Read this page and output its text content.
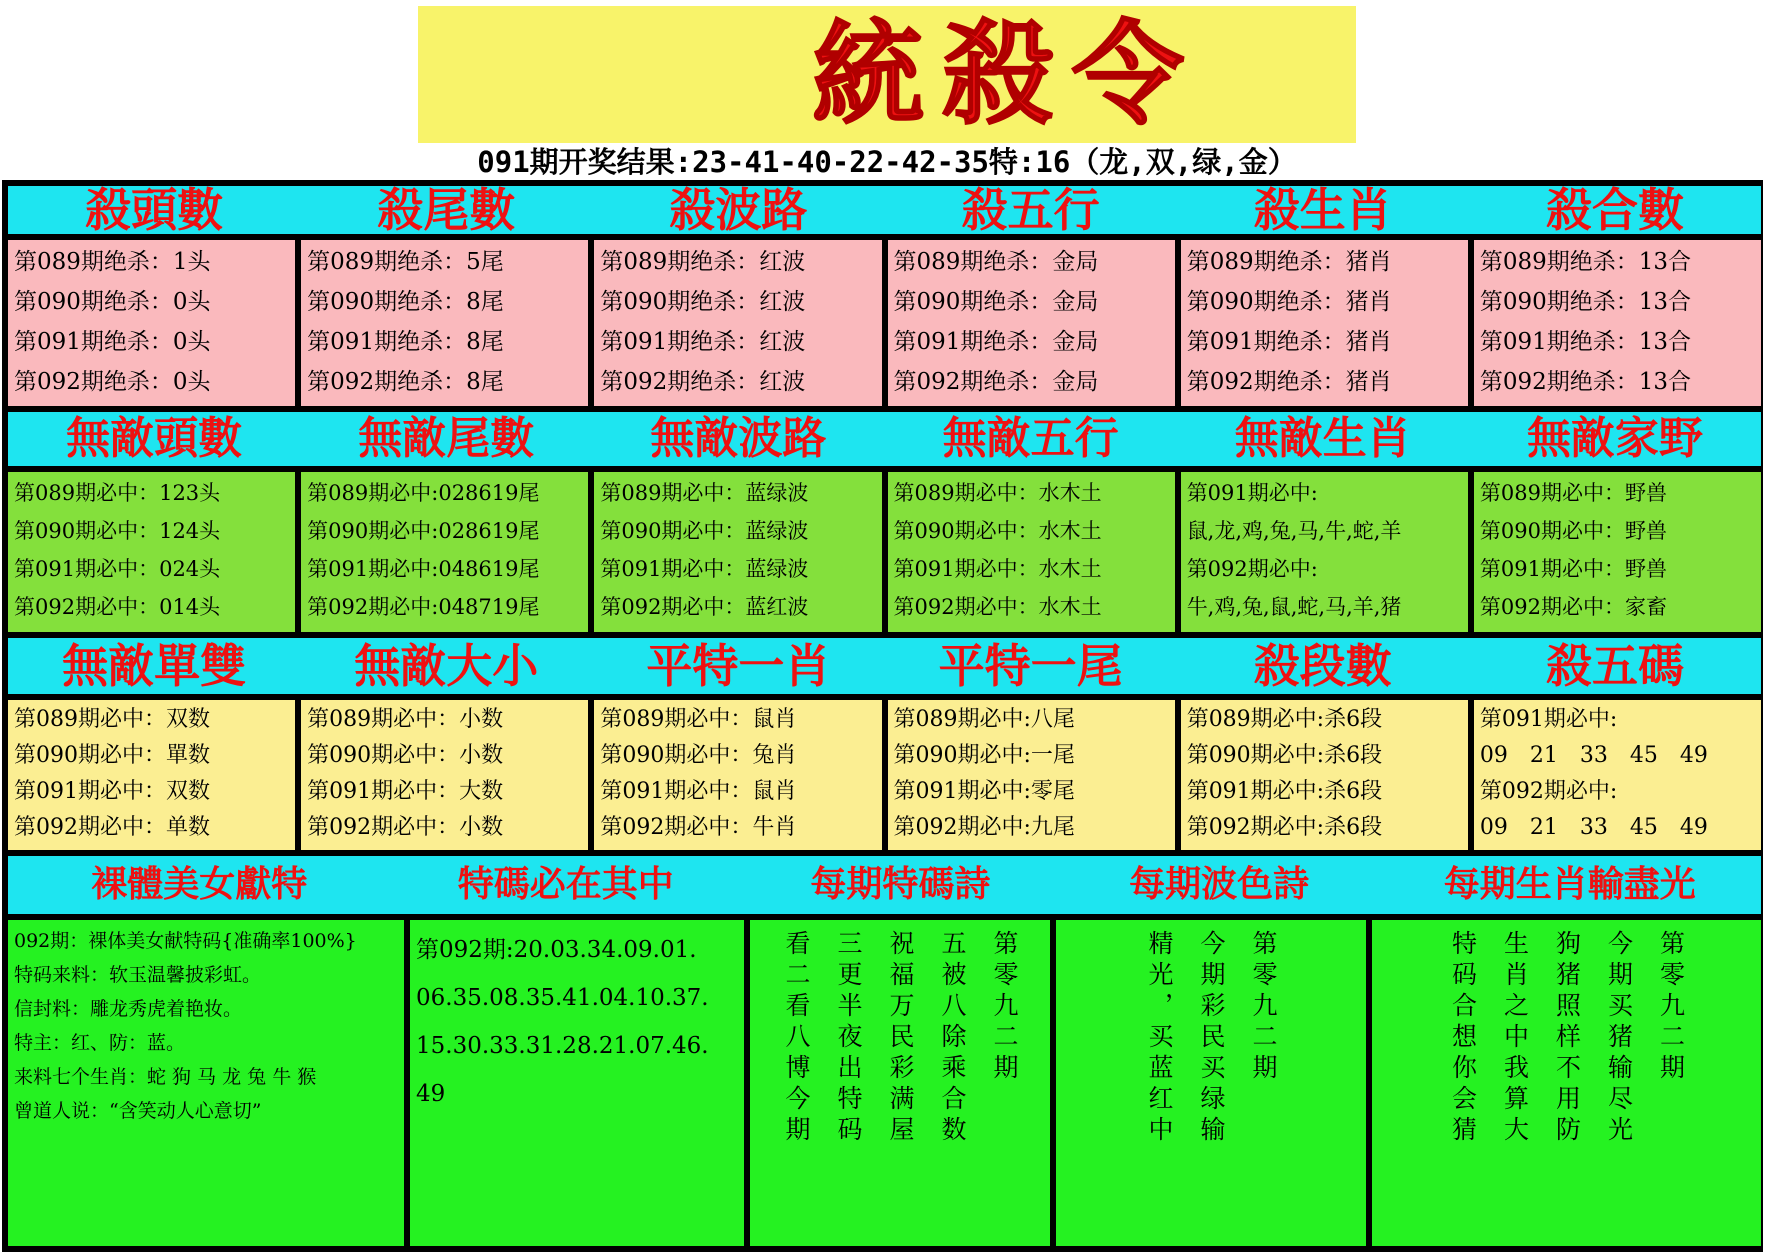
統殺令
091期开奖结果:23-41-40-22-42-35特:16（龙,双,绿,金）
殺頭數	殺尾數	殺波路	殺五行	殺生肖	殺合數
第089期绝杀：1头
第090期绝杀：0头
第091期绝杀：0头
第092期绝杀：0头
第089期绝杀：5尾
第090期绝杀：8尾
第091期绝杀：8尾
第092期绝杀：8尾
第089期绝杀：红波
第090期绝杀：红波
第091期绝杀：红波
第092期绝杀：红波
第089期绝杀：金局
第090期绝杀：金局
第091期绝杀：金局
第092期绝杀：金局
第089期绝杀：猪肖
第090期绝杀：猪肖
第091期绝杀：猪肖
第092期绝杀：猪肖
第089期绝杀：13合
第090期绝杀：13合
第091期绝杀：13合
第092期绝杀：13合
無敵頭數	無敵尾數	無敵波路	無敵五行	無敵生肖	無敵家野
第089期必中：123头
第090期必中：124头
第091期必中：024头
第092期必中：014头
第089期必中:028619尾
第090期必中:028619尾
第091期必中:048619尾
第092期必中:048719尾
第089期必中：蓝绿波
第090期必中：蓝绿波
第091期必中：蓝绿波
第092期必中：蓝红波
第089期必中：水木土
第090期必中：水木土
第091期必中：水木土
第092期必中：水木土
第091期必中:
鼠,龙,鸡,兔,马,牛,蛇,羊
第092期必中:
牛,鸡,兔,鼠,蛇,马,羊,猪
第089期必中：野兽
第090期必中：野兽
第091期必中：野兽
第092期必中：家畜
無敵單雙	無敵大小	平特一肖	平特一尾	殺段數	殺五碼
第089期必中：双数
第090期必中：單数
第091期必中：双数
第092期必中：单数
第089期必中：小数
第090期必中：小数
第091期必中：大数
第092期必中：小数
第089期必中：鼠肖
第090期必中：兔肖
第091期必中：鼠肖
第092期必中：牛肖
第089期必中:八尾
第090期必中:一尾
第091期必中:零尾
第092期必中:九尾
第089期必中:杀6段
第090期必中:杀6段
第091期必中:杀6段
第092期必中:杀6段
第091期必中:
09　21　33　45　49
第092期必中:
09　21　33　45　49
裸體美女獻特	特碼必在其中	每期特碼詩	每期波色詩	每期生肖輸盡光
092期：裸体美女献特码{准确率100%}
特码来料：软玉温馨披彩虹。
信封料：雕龙秀虎着艳妆。
特主：红、防：蓝。
来料七个生肖：蛇 狗 马 龙 兔 牛 猴
曾道人说：“含笑动人心意切”
第092期:20.03.34.09.01.
06.35.08.35.41.04.10.37.
15.30.33.31.28.21.07.46.
49
第零九二期
五被八除乘合数
祝福万民彩满屋
三更半夜出特码
看二看八博今期	第零九二期
今期彩民买绿输
精光，买蓝红中	第零九二期
今期买猪输尽光
狗猪照样不用防
生肖之中我算大
特码合想你会猜
